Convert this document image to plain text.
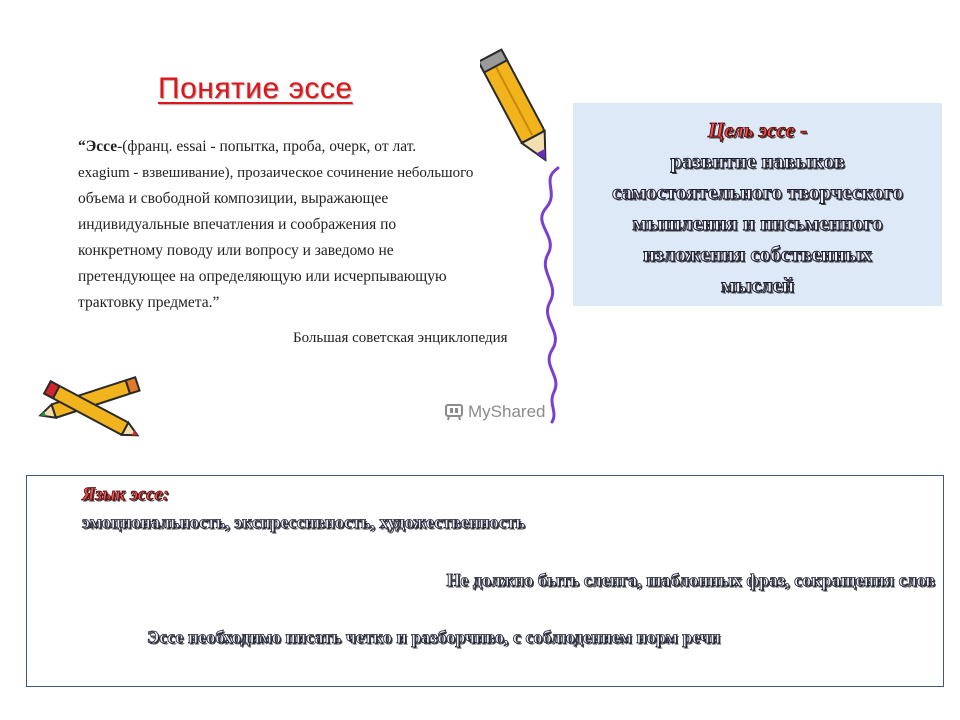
Понятие эссе
“Эссе-(франц. essai - попытка, проба, очерк, от лат.
exagium - взвешивание), прозаическое сочинение небольшого
объема и свободной композиции, выражающее
индивидуальные впечатления и соображения по
конкретному поводу или вопросу и заведомо не
претендующее на определяющую или исчерпывающую
трактовку предмета.”
Большая советская энциклопедия
Цель эссе -
развитие навыков
самостоятельного творческого
мышления и письменного
изложения собственных
мыслей
MyShared
Язык эссе:
эмоциональность, экспрессивность, художественность
Не должно быть сленга, шаблонных фраз, сокращения слов
Эссе необходимо писать четко и разборчиво, с соблюдением норм речи
